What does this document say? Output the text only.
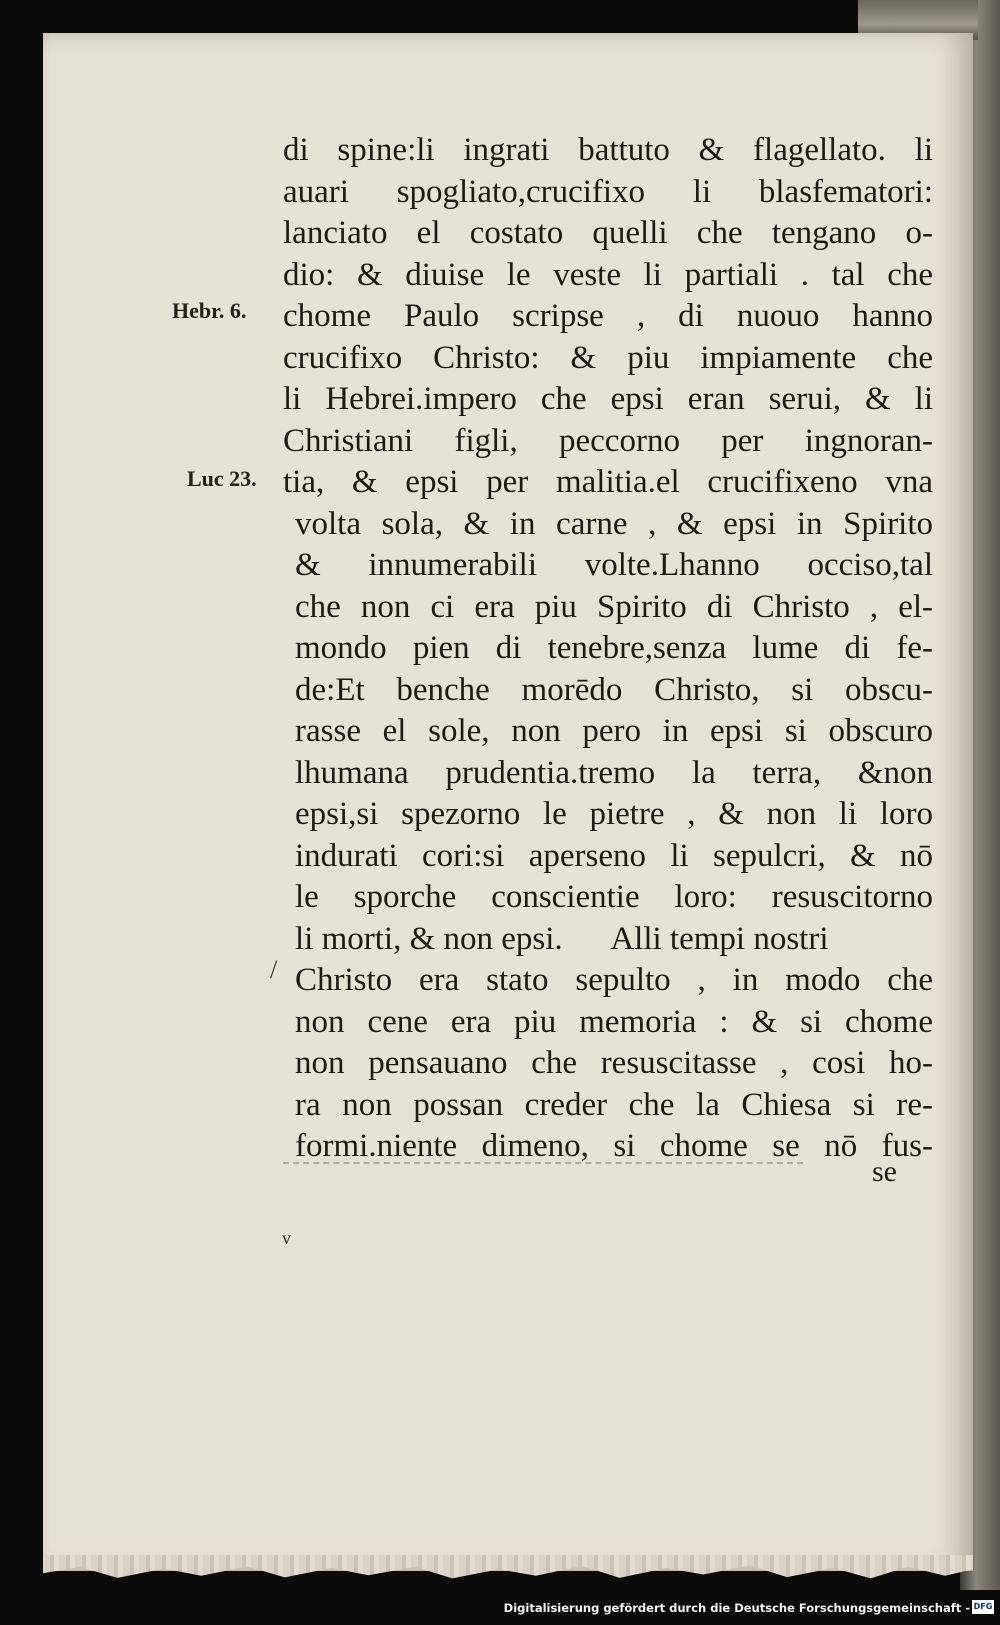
Hebr. 6.
Luc 23.
/
v
di spine:li ingrati battuto & flagellato. li
auari spogliato,crucifixo li blasfematori:
lanciato el costato quelli che tengano o-
dio: & diuise le veste li partiali . tal che
chome Paulo scripse , di nuouo hanno
crucifixo Christo: & piu impiamente che
li Hebrei.impero che epsi eran serui, & li
Christiani figli, peccorno per ingnoran-
tia, & epsi per malitia.el crucifixeno vna
volta sola, & in carne , & epsi in Spirito
& innumerabili volte.Lhanno occiso,tal
che non ci era piu Spirito di Christo , el-
mondo pien di tenebre,senza lume di fe-
de:Et benche morēdo Christo, si obscu-
rasse el sole, non pero in epsi si obscuro
lhumana prudentia.tremo la terra, &non
epsi,si spezorno le pietre , & non li loro
indurati cori:si aperseno li sepulcri, & nō
le sporche conscientie loro: resuscitorno
li morti, & non epsi.      Alli tempi nostri
Christo era stato sepulto , in modo che
non cene era piu memoria : & si chome
non pensauano che resuscitasse , cosi ho-
ra non possan creder che la Chiesa si re-
formi.niente dimeno, si chome se nō fus-
se
Digitalisierung gefördert durch die Deutsche Forschungsgemeinschaft - DFG
